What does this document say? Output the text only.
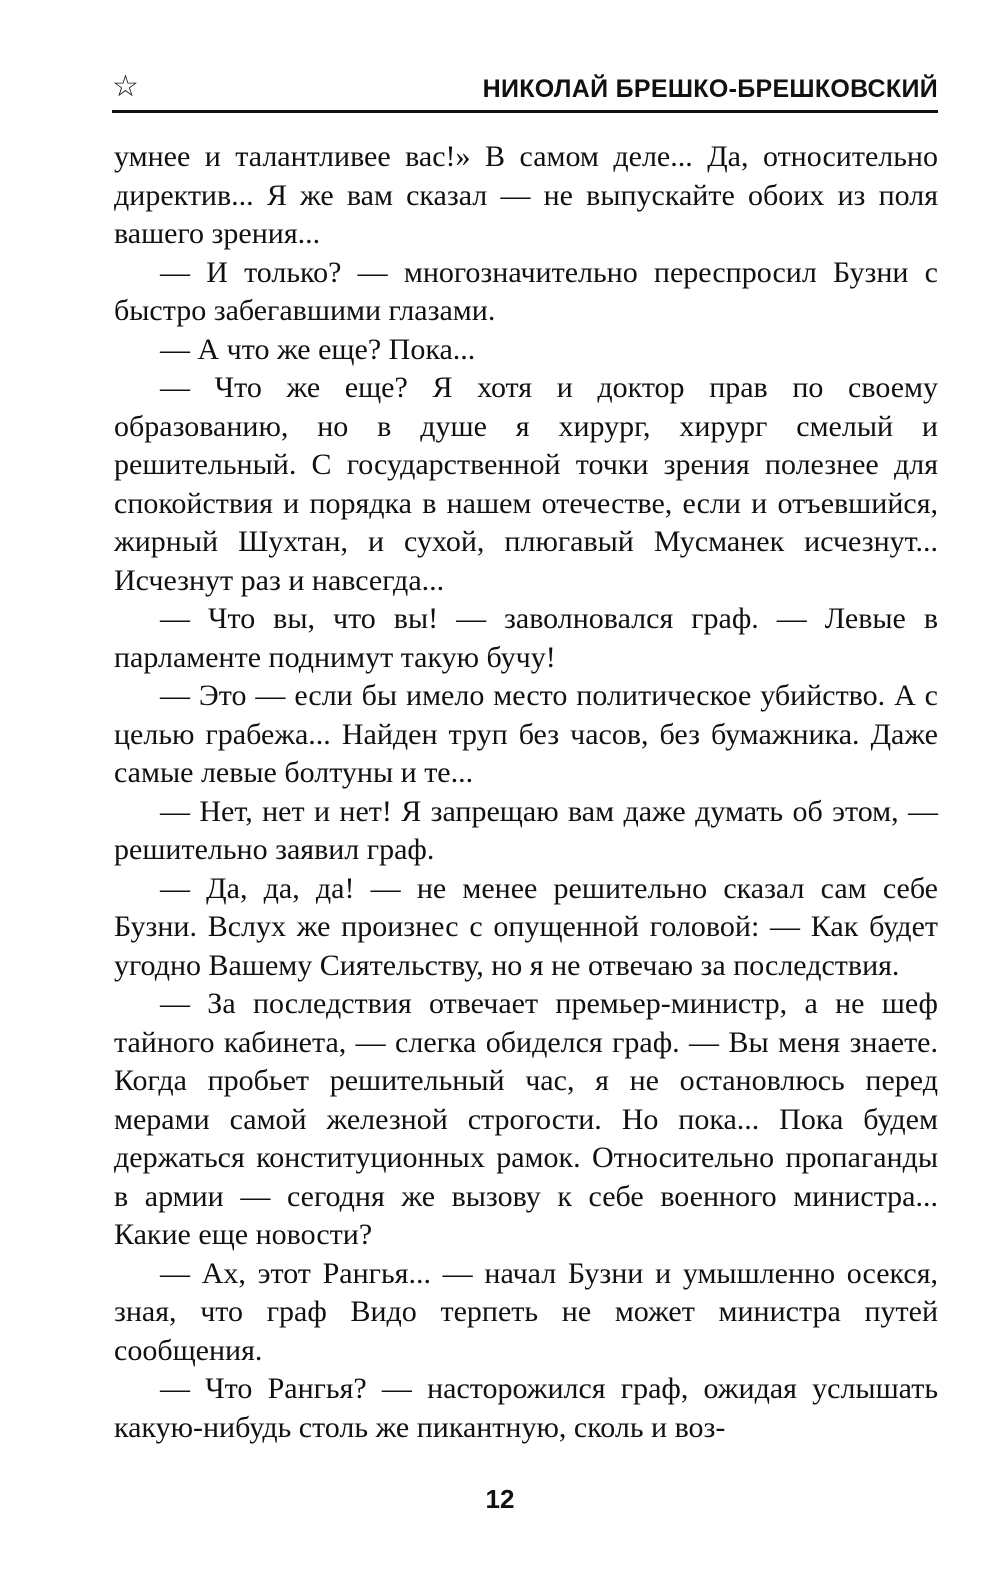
☆	НИКОЛАЙ БРЕШКО-БРЕШКОВСКИЙ

умнее и талантливее вас!» В самом деле... Да, относительно директив... Я же вам сказал — не выпускайте обоих из поля вашего зрения...

— И только? — многозначительно переспросил Бузни с быстро забегавшими глазами.

— А что же еще? Пока...

— Что же еще? Я хотя и доктор прав по своему образованию, но в душе я хирург, хирург смелый и решительный. С государственной точки зрения полезнее для спокойствия и порядка в нашем отечестве, если и отъевшийся, жирный Шухтан, и сухой, плюгавый Мусманек исчезнут... Исчезнут раз и навсегда...

— Что вы, что вы! — заволновался граф. — Левые в парламенте поднимут такую бучу!

— Это — если бы имело место политическое убийство. А с целью грабежа... Найден труп без часов, без бумажника. Даже самые левые болтуны и те...

— Нет, нет и нет! Я запрещаю вам даже думать об этом, — решительно заявил граф.

— Да, да, да! — не менее решительно сказал сам себе Бузни. Вслух же произнес с опущенной головой: — Как будет угодно Вашему Сиятельству, но я не отвечаю за последствия.

— За последствия отвечает премьер-министр, а не шеф тайного кабинета, — слегка обиделся граф. — Вы меня знаете. Когда пробьет решительный час, я не остановлюсь перед мерами самой железной строгости. Но пока... Пока будем держаться конституционных рамок. Относительно пропаганды в армии — сегодня же вызову к себе военного министра... Какие еще новости?

— Ах, этот Рангья... — начал Бузни и умышленно осекся, зная, что граф Видо терпеть не может министра путей сообщения.

— Что Рангья? — насторожился граф, ожидая услышать какую-нибудь столь же пикантную, сколь и воз-

12
